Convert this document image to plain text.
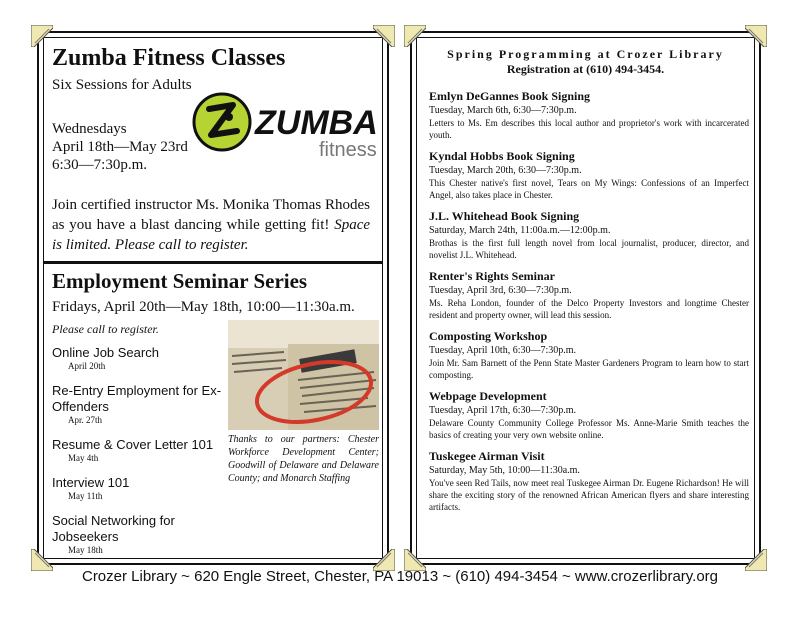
Zumba Fitness Classes
Six Sessions for Adults
ZUMBA
fitness
Wednesdays
April 18th—May 23rd
6:30—7:30p.m.
Join certified instructor Ms. Monika Thomas Rhodes as you have a blast dancing while getting fit! Space is limited. Please call to register.
Employment Seminar Series
Fridays, April 20th—May 18th, 10:00—11:30a.m.
Please call to register.
Online Job Search
April 20th
Re-Entry Employment for Ex-Offenders
Apr. 27th
Resume & Cover Letter 101
May 4th
Interview 101
May 11th
Social Networking for Jobseekers
May 18th
Thanks to our partners: Chester Workforce Development Center; Goodwill of Delaware and Delaware County; and Monarch Staffing
Spring Programming at Crozer Library
Registration at (610) 494-3454.
Emlyn DeGannes Book Signing
Tuesday, March 6th, 6:30—7:30p.m.
Letters to Ms. Em describes this local author and proprietor's work with incarcerated youth.
Kyndal Hobbs Book Signing
Tuesday, March 20th, 6:30—7:30p.m.
This Chester native's first novel, Tears on My Wings: Confessions of an Imperfect Angel, also takes place in Chester.
J.L. Whitehead Book Signing
Saturday, March 24th, 11:00a.m.—12:00p.m.
Brothas is the first full length novel from local journalist, producer, director, and novelist J.L. Whitehead.
Renter's Rights Seminar
Tuesday, April 3rd, 6:30—7:30p.m.
Ms. Reha London, founder of the Delco Property Investors and longtime Chester resident and property owner, will lead this session.
Composting Workshop
Tuesday, April 10th, 6:30—7:30p.m.
Join Mr. Sam Barnett of the Penn State Master Gardeners Program to learn how to start composting.
Webpage Development
Tuesday, April 17th, 6:30—7:30p.m.
Delaware County Community College Professor Ms. Anne-Marie Smith teaches the basics of creating your very own website online.
Tuskegee Airman Visit
Saturday, May 5th, 10:00—11:30a.m.
You've seen Red Tails, now meet real Tuskegee Airman Dr. Eugene Richardson! He will share the exciting story of the renowned African American flyers and share interesting artifacts.
Crozer Library ~ 620 Engle Street, Chester, PA 19013 ~ (610) 494-3454 ~ www.crozerlibrary.org
